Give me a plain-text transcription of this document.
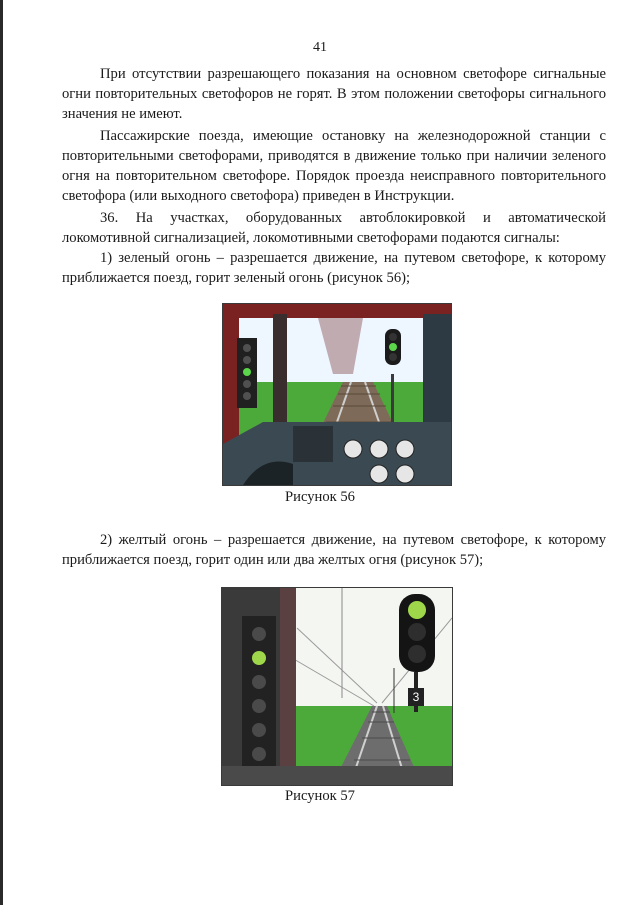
41

При отсутствии разрешающего показания на основном светофоре сигнальные огни повторительных светофоров не горят. В этом положении светофоры сигнального значения не имеют.

Пассажирские поезда, имеющие остановку на железнодорожной станции с повторительными светофорами, приводятся в движение только при наличии зеленого огня на повторительном светофоре. Порядок проезда неисправного повторительного светофора (или выходного светофора) приведен в Инструкции.

36. На участках, оборудованных автоблокировкой и автоматической локомотивной сигнализацией, локомотивными светофорами подаются сигналы:

1) зеленый огонь – разрешается движение, на путевом светофоре, к которому приближается поезд, горит зеленый огонь (рисунок 56);

Рисунок 56

2) желтый огонь – разрешается движение, на путевом светофоре, к которому приближается поезд, горит один или два желтых огня (рисунок 57);

3
Рисунок 57
